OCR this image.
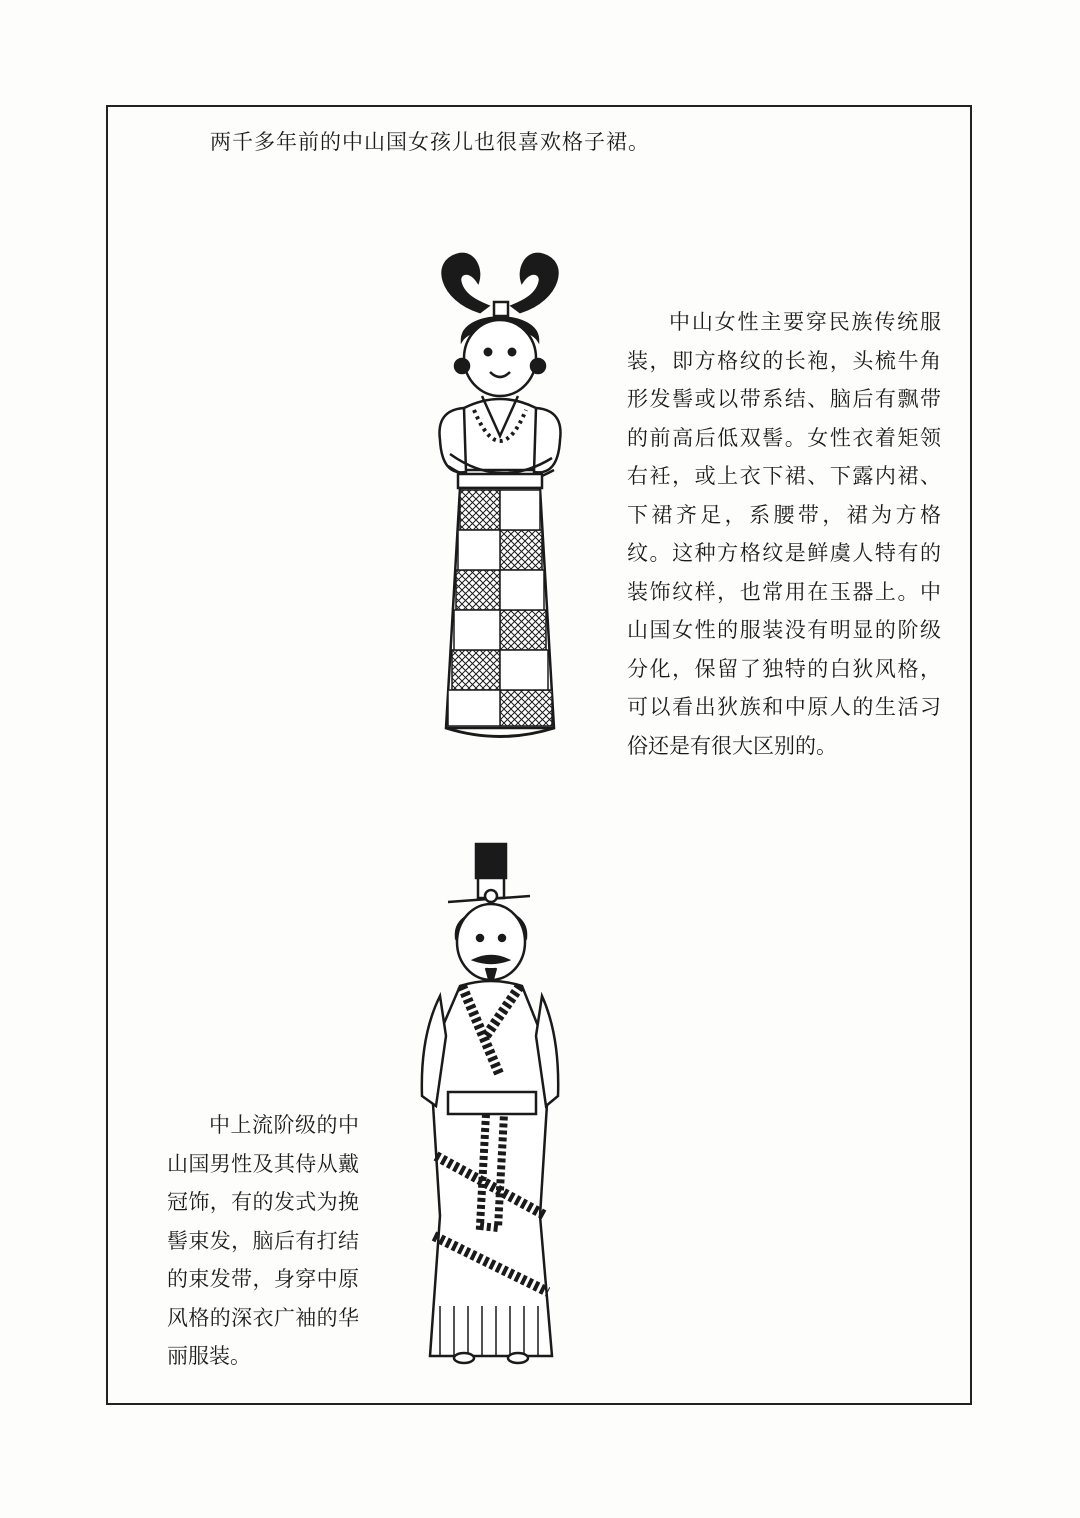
两千多年前的中山国女孩儿也很喜欢格子裙。

中山女性主要穿民族传统服装，即方格纹的长袍，头梳牛角形发髻或以带系结、脑后有飘带的前高后低双髻。女性衣着矩领右衽，或上衣下裙、下露内裙、下裙齐足，系腰带，裙为方格纹。这种方格纹是鲜虞人特有的装饰纹样，也常用在玉器上。中山国女性的服装没有明显的阶级分化，保留了独特的白狄风格，可以看出狄族和中原人的生活习俗还是有很大区别的。

中上流阶级的中山国男性及其侍从戴冠饰，有的发式为挽髻束发，脑后有打结的束发带，身穿中原风格的深衣广袖的华丽服装。
